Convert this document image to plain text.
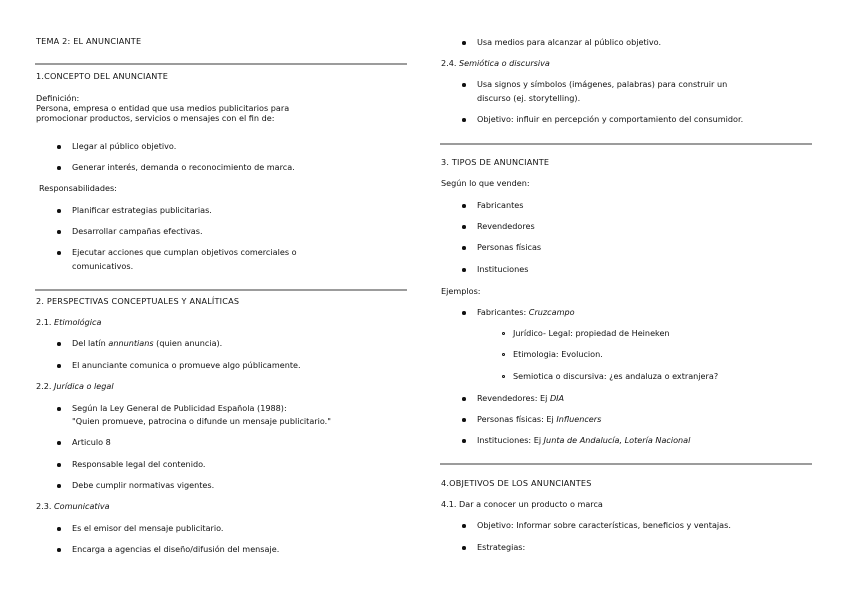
TEMA 2: EL ANUNCIANTE
1.CONCEPTO DEL ANUNCIANTE
Definición:
Persona, empresa o entidad que usa medios publicitarios para
promocionar productos, servicios o mensajes con el fin de:
Llegar al público objetivo.
Generar interés, demanda o reconocimiento de marca.
Responsabilidades:
Planificar estrategias publicitarias.
Desarrollar campañas efectivas.
Ejecutar acciones que cumplan objetivos comerciales o
comunicativos.
2. PERSPECTIVAS CONCEPTUALES Y ANALÍTICAS
2.1. Etimológica
Del latín annuntians (quien anuncia).
El anunciante comunica o promueve algo públicamente.
2.2. Jurídica o legal
Según la Ley General de Publicidad Española (1988):
"Quien promueve, patrocina o difunde un mensaje publicitario."
Articulo 8
Responsable legal del contenido.
Debe cumplir normativas vigentes.
2.3. Comunicativa
Es el emisor del mensaje publicitario.
Encarga a agencias el diseño/difusión del mensaje.
Usa medios para alcanzar al público objetivo.
2.4. Semiótica o discursiva
Usa signos y símbolos (imágenes, palabras) para construir un
discurso (ej. storytelling).
Objetivo: influir en percepción y comportamiento del consumidor.
3. TIPOS DE ANUNCIANTE
Según lo que venden:
Fabricantes
Revendedores
Personas físicas
Instituciones
Ejemplos:
Fabricantes: Cruzcampo
Jurídico- Legal: propiedad de Heineken
Etimologia: Evolucion.
Semiotica o discursiva: ¿es andaluza o extranjera?
Revendedores: Ej DIA
Personas físicas: Ej Influencers
Instituciones: Ej Junta de Andalucía, Lotería Nacional
4.OBJETIVOS DE LOS ANUNCIANTES
4.1. Dar a conocer un producto o marca
Objetivo: Informar sobre características, beneficios y ventajas.
Estrategias:
